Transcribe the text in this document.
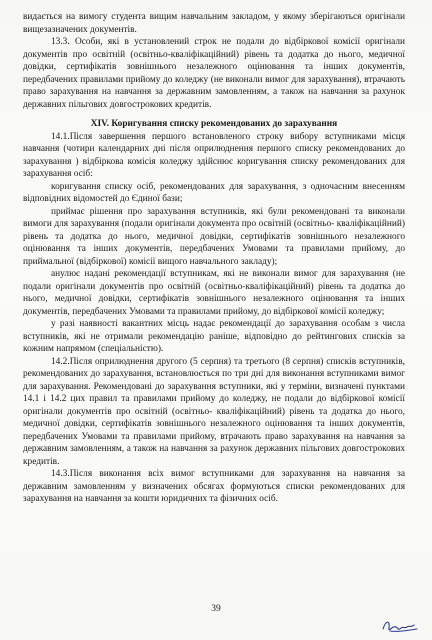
видається на вимогу студента вищим навчальним закладом, у якому зберігаються оригінали вищезазначених документів.

13.3. Особи, які в установлений строк не подали до відбіркової комісії оригінали документів про освітній (освітньо-кваліфікаційний) рівень та додатка до нього, медичної довідки, сертифікатів зовнішнього незалежного оцінювання та інших документів, передбачених правилами прийому до коледжу (не виконали вимог для зарахування), втрачають право зарахування на навчання за державним замовленням, а також на навчання за рахунок державних пільгових довгострокових кредитів.

XIV. Коригування списку рекомендованих до зарахування

14.1.Після завершення першого встановленого строку вибору вступниками місця навчання (чотири календарних дні після оприлюднення першого списку рекомендованих до зарахування ) відбіркова комісія коледжу здійснює коригування списку рекомендованих для зарахування осіб:

коригування списку осіб, рекомендованих для зарахування, з одночасним внесенням відповідних відомостей до Єдиної бази;

приймає рішення про зарахування вступників, які були рекомендовані та виконали вимоги для зарахування (подали оригінали документа про освітній (освітньо- кваліфікаційний) рівень та додатка до нього, медичної довідки, сертифікатів зовнішнього незалежного оцінювання та інших документів, передбачених Умовами та правилами прийому, до приймальної (відбіркової) комісії вищого навчального закладу);

анулює надані рекомендації вступникам, які не виконали вимог для зарахування (не подали оригінали документів про освітній (освітньо-кваліфікаційний) рівень та додатка до нього, медичної довідки, сертифікатів зовнішнього незалежного оцінювання та інших документів, передбачених Умовами та правилами прийому, до відбіркової комісії коледжу;

у разі наявності вакантних місць надає рекомендації до зарахування особам з числа вступників, які не отримали рекомендацію раніше, відповідно до рейтингових списків за кожним напрямом (спеціальністю).

14.2.Після оприлюднення другого (5 серпня) та третього (8 серпня) списків вступників, рекомендованих до зарахування, встановлюється по три дні для виконання вступниками вимог для зарахування. Рекомендовані до зарахування вступники, які у терміни, визначені пунктами 14.1 і 14.2 цих правил та правилами прийому до коледжу, не подали до відбіркової комісії оригінали документів про освітній (освітньо- кваліфікаційний) рівень та додатка до нього, медичної довідки, сертифікатів зовнішнього незалежного оцінювання та інших документів, передбачених Умовами та правилами прийому, втрачають право зарахування на навчання за державним замовленням, а також на навчання за рахунок державних пільгових довгострокових кредитів.

14.3.Після виконання всіх вимог вступниками для зарахування на навчання за державним замовленням у визначених обсягах формуються списки рекомендованих для зарахування на навчання за кошти юридичних та фізичних осіб.

39
